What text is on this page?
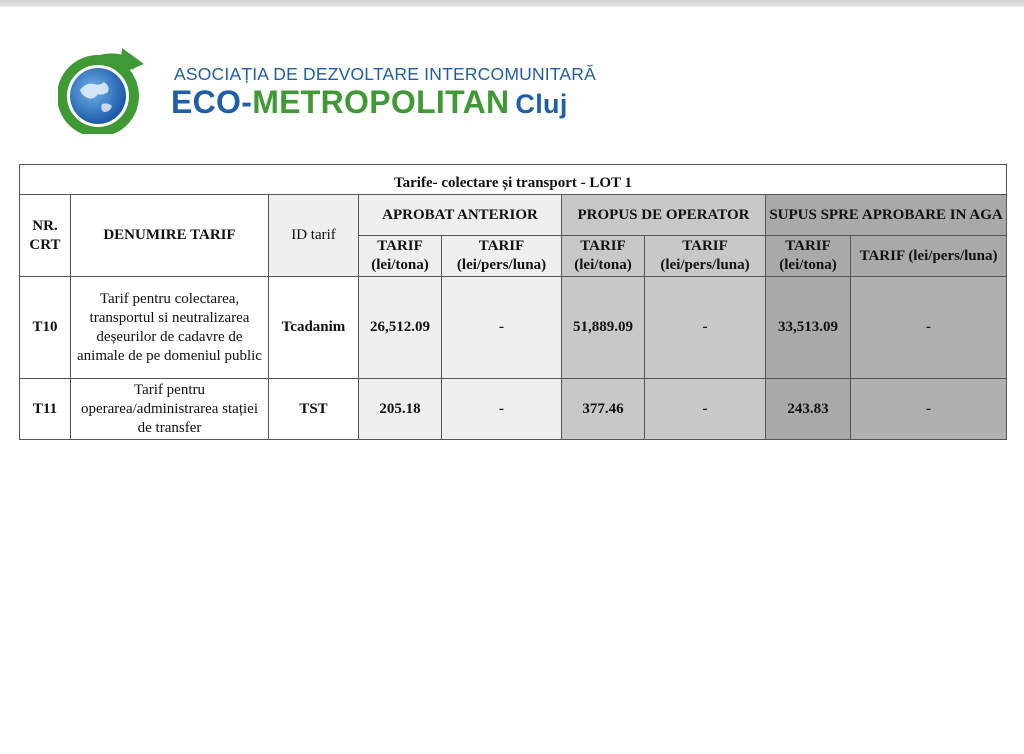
ASOCIAȚIA DE DEZVOLTARE INTERCOMUNITARĂ
ECO-METROPOLITAN Cluj
Tarife- colectare și transport - LOT 1								
NR. CRT	DENUMIRE TARIF	ID tarif	APROBAT ANTERIOR		PROPUS DE OPERATOR		SUPUS SPRE APROBARE IN AGA	
			TARIF (lei/tona)	TARIF (lei/pers/luna)	TARIF (lei/tona)	TARIF (lei/pers/luna)	TARIF (lei/tona)	TARIF (lei/pers/luna)
T10	Tarif pentru colectarea, transportul si neutralizarea deșeurilor de cadavre de animale de pe domeniul public	Tcadanim	26,512.09	-	51,889.09	-	33,513.09	-
T11	Tarif pentru operarea/administrarea stației de transfer	TST	205.18	-	377.46	-	243.83	-
